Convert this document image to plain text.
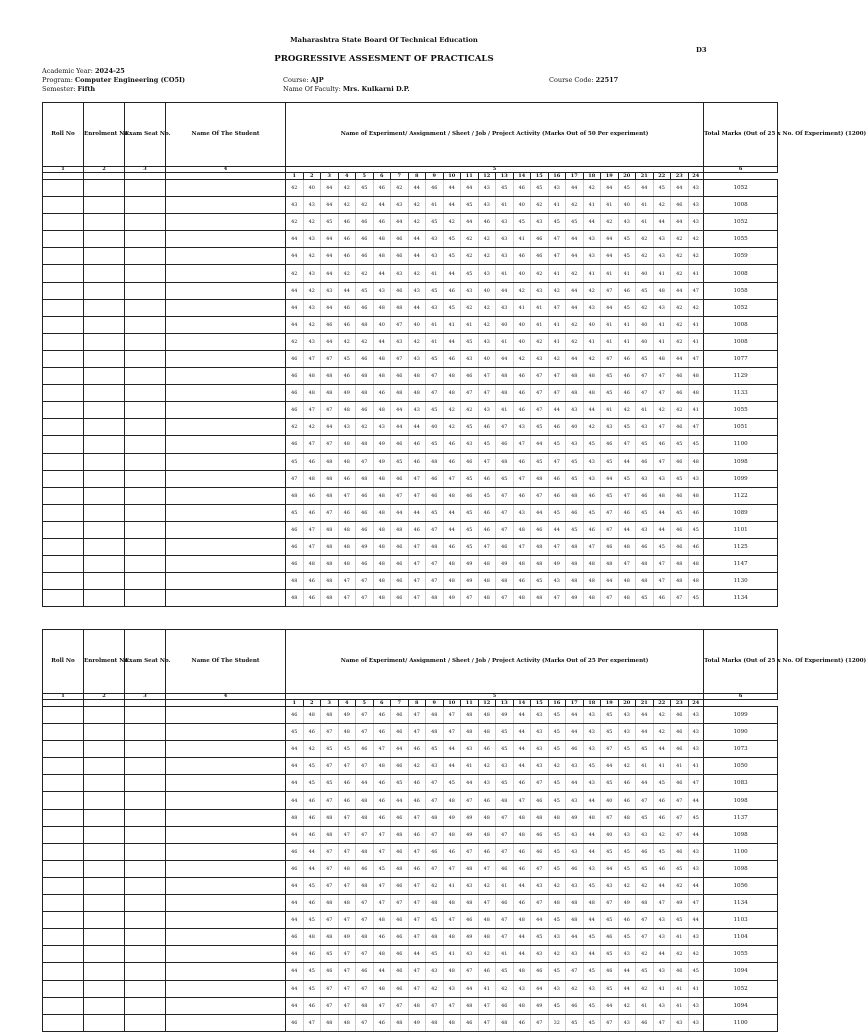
Maharashtra State Board Of Technical Education
D3
PROGRESSIVE ASSESMENT OF PRACTICALS
Academic Year: 2024-25
Program: Computer Engineering (CO5I)
Semester: Fifth
Course: AJP
Name Of Faculty: Mrs. Kulkarni D.P.
Course Code: 22517
Roll No	Enrolment No.	Exam Seat No.	Name Of The Student	Name of Experiment/ Assignment / Sheet / Job / Project Activity (Marks Out of 50 Per experiment)																								Total Marks (Out of 25 x No. Of Experiment) (1200)	
1	2	3	4	5																								6	
				1	2	3	4	5	6	7	8	9	10	11	12	13	14	15	16	17	18	19	20	21	22	23	24	
				42	40	44	42	45	46	42	44	46	44	44	43	45	46	45	43	44	42	44	45	44	45	44	43	1052	
				43	43	44	42	42	44	43	42	41	44	45	43	41	40	42	41	42	41	41	40	41	42	46	43	1008	
				42	42	45	46	46	46	44	42	45	42	44	46	43	45	43	45	45	44	42	43	41	44	44	43	1052	
				44	43	44	46	46	48	46	44	43	45	42	42	43	41	46	47	44	43	44	45	42	43	42	42	1055	
				44	42	44	46	46	48	46	44	43	45	42	42	43	46	46	47	44	43	44	45	42	43	42	42	1059	
				42	43	44	42	42	44	43	42	41	44	45	43	41	40	42	41	42	41	41	41	40	41	42	41	1008	
				44	42	43	44	45	43	46	43	45	46	43	40	44	42	43	42	44	42	47	46	45	48	44	47	1058	
				44	43	44	46	46	48	48	44	43	45	42	42	43	41	41	47	44	43	44	45	42	43	42	42	1052	
				44	42	46	46	48	40	47	40	41	41	41	42	40	40	41	41	42	40	41	41	40	41	42	41	1008	
				42	43	44	42	42	44	43	42	41	44	45	43	41	40	42	41	42	41	41	41	40	41	42	41	1008	
				46	47	47	45	46	48	47	43	45	46	43	40	44	42	43	42	44	42	47	46	45	48	44	47	1077	
				46	48	48	46	48	48	46	48	47	48	46	47	48	46	47	47	48	48	45	46	47	47	46	48	1129	
				46	48	48	49	48	46	48	48	47	48	47	47	48	46	47	47	48	48	45	46	47	47	46	48	1133	
				46	47	47	48	46	48	44	43	45	42	42	43	41	46	47	44	43	44	41	42	41	42	42	41	1055	
				42	42	44	43	42	43	44	44	40	42	45	46	47	43	45	46	40	42	43	45	43	47	46	47	1051	
				46	47	47	48	48	49	46	46	45	46	43	45	46	47	44	45	43	45	46	47	45	46	45	45	1100	
				45	46	48	48	47	49	45	46	48	46	46	47	48	46	45	47	45	43	45	44	46	47	46	48	1098	
				47	48	48	46	48	48	46	47	46	47	45	46	45	47	48	46	45	43	44	45	43	43	45	43	1099	
				48	46	48	47	46	48	47	47	46	48	46	45	47	46	47	46	48	46	45	47	46	48	46	48	1122	
				45	46	47	46	46	48	44	44	45	44	45	46	47	43	44	45	46	45	47	46	45	44	45	46	1089	
				46	47	48	48	46	48	48	46	47	44	45	46	47	48	46	44	45	46	47	44	43	44	46	45	1101	
				46	47	48	48	49	48	46	47	48	46	45	47	46	47	48	47	48	47	46	48	46	45	46	46	1125	
				46	48	48	48	46	48	46	47	47	48	49	48	49	48	48	49	48	48	48	47	48	47	48	48	1147	
				48	46	48	47	47	48	46	47	47	48	49	48	48	46	45	43	48	48	44	48	48	47	48	48	1130	
				48	46	48	47	47	48	46	47	48	49	47	48	47	48	48	47	49	48	47	48	45	46	47	45	1134	
Roll No	Enrolment No.	Exam Seat No.	Name Of The Student	Name of Experiment/ Assignment / Sheet / Job / Project Activity (Marks Out of 25 Per experiment)																								Total Marks (Out of 25 x No. Of Experiment) (1200)	
1	2	3	4	5																								6	
				1	2	3	4	5	6	7	8	9	10	11	12	13	14	15	16	17	18	19	20	21	22	23	24	
				46	48	48	49	47	46	46	47	48	47	48	48	49	44	43	45	44	43	45	43	44	42	46	43	1099	
				45	46	47	48	47	46	46	47	48	47	48	48	45	44	43	45	44	43	45	43	44	42	46	43	1090	
				44	42	45	45	46	47	44	46	45	44	43	46	45	44	43	45	46	43	47	45	45	44	46	43	1073	
				44	45	47	47	47	48	46	42	43	44	41	42	43	44	43	42	43	45	44	42	41	41	41	41	1050	
				44	45	45	46	44	46	45	46	47	45	44	43	45	46	47	45	44	43	45	46	44	45	46	47	1083	
				44	46	47	46	48	46	44	46	47	48	47	46	48	47	46	45	43	44	40	46	47	46	47	44	1098	
				48	46	48	47	48	46	46	47	48	49	49	48	47	48	48	48	49	48	47	48	45	46	47	45	1137	
				44	46	48	47	47	47	48	46	47	48	49	48	47	48	46	45	43	44	40	43	43	42	47	44	1098	
				46	44	47	47	48	47	46	47	46	46	47	46	47	46	46	45	43	44	45	45	46	45	46	43	1100	
				46	44	47	48	46	45	48	46	47	47	48	47	46	46	47	45	46	43	44	45	45	46	45	43	1098	
				44	45	47	47	48	47	46	47	42	41	43	42	41	44	43	42	43	45	43	42	42	44	42	44	1056	
				44	46	48	48	47	47	47	47	48	48	48	47	46	46	47	48	48	48	47	49	48	47	49	47	1134	
				44	45	47	47	47	48	46	47	45	47	46	48	47	48	44	45	48	44	45	46	47	43	45	44	1103	
				46	48	48	49	48	46	46	47	48	48	49	48	47	44	45	43	44	45	46	45	47	43	41	43	1104	
				44	46	45	47	47	48	46	44	45	41	43	42	41	44	43	42	43	44	45	43	42	44	42	42	1055	
				44	45	46	47	46	44	46	47	43	48	47	46	45	48	46	45	47	45	46	44	45	43	46	45	1094	
				44	45	47	47	47	48	46	47	42	43	44	41	42	43	44	43	42	43	45	44	42	41	41	41	1052	
				44	46	47	47	48	47	47	48	47	47	48	47	46	48	49	45	46	45	44	42	41	43	41	43	1094	
				46	47	48	48	47	46	48	49	48	48	46	47	48	46	47	32	45	45	47	43	46	47	43	43	1100	
